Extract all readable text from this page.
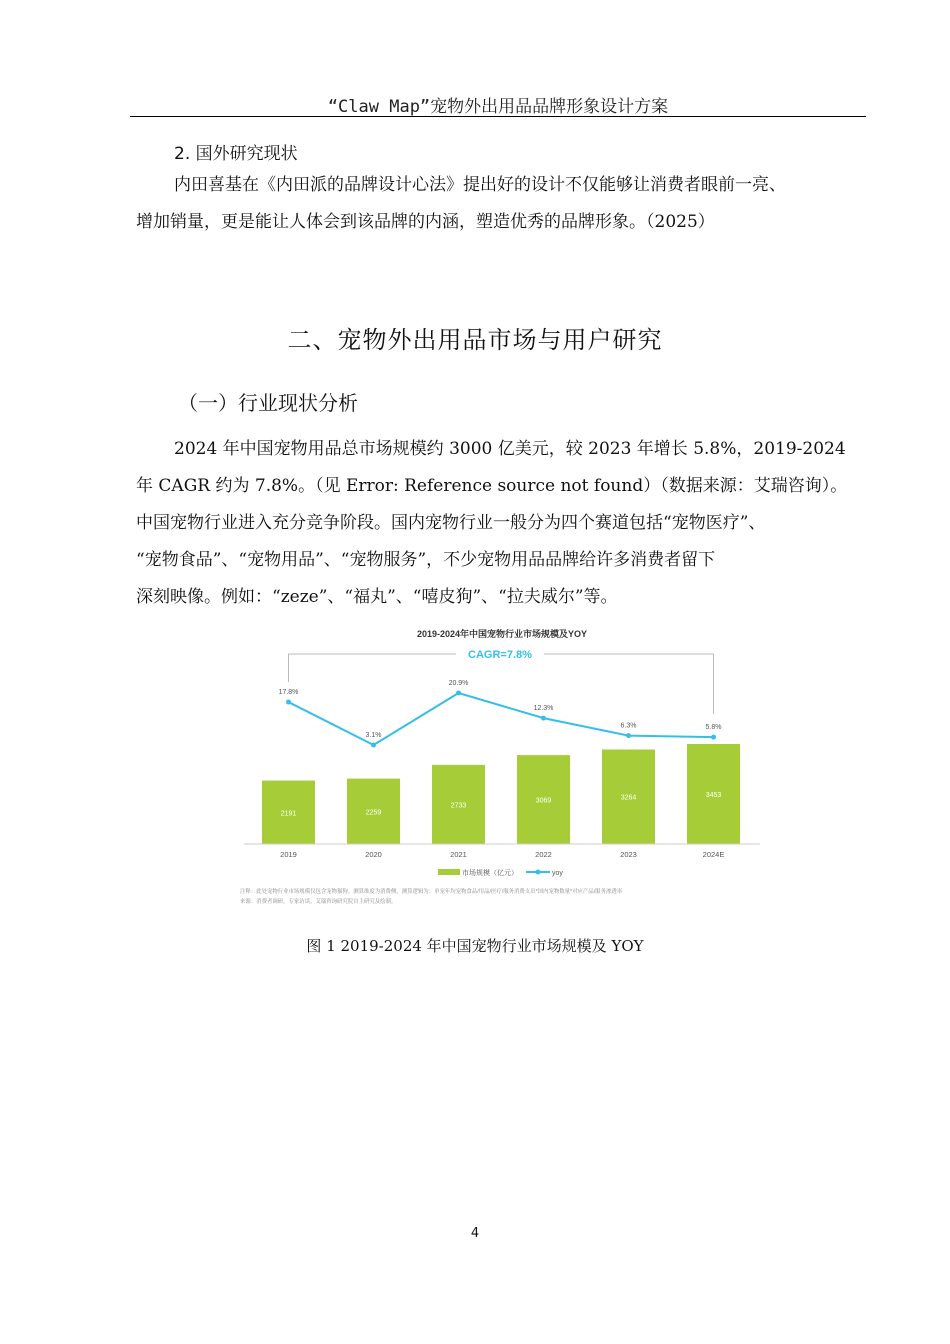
“Claw Map”宠物外出用品品牌形象设计方案
2. 国外研究现状
内田喜基在《内田派的品牌设计心法》提出好的设计不仅能够让消费者眼前一亮、
增加销量，更是能让人体会到该品牌的内涵，塑造优秀的品牌形象。（2025）
二、宠物外出用品市场与用户研究
（一）行业现状分析
2024 年中国宠物用品总市场规模约 3000 亿美元，较 2023 年增长 5.8%，2019-2024
年 CAGR 约为 7.8%。（见 Error: Reference source not found）（数据来源：艾瑞咨询）。
中国宠物行业进入充分竞争阶段。国内宠物行业一般分为四个赛道包括“宠物医疗”、
“宠物食品”、“宠物用品”、“宠物服务”，不少宠物用品品牌给许多消费者留下
深刻映像。例如：“zeze”、“福丸”、“嘻皮狗”、“拉夫威尔”等。
2019-2024年中国宠物行业市场规模及YOY
CAGR=7.8%
2191	2259
2733
3069	3264	3453
17.8%
3.1%
20.9%
12.3%
6.3%	5.8%
2019	2020	2021	2022	2023	2024E
市场规模（亿元）	yoy
注释：此处宠物行业市场规模仅包含宠物猫狗。测算维度为消费侧，测算逻辑为：单宠年均宠物食品/用品/医疗/服务消费支出*国内宠物数量*对应产品/服务渗透率
来源：消费者调研，专家访谈，艾瑞咨询研究院自主研究及绘制。
图 1 2019-2024 年中国宠物行业市场规模及 YOY
4
